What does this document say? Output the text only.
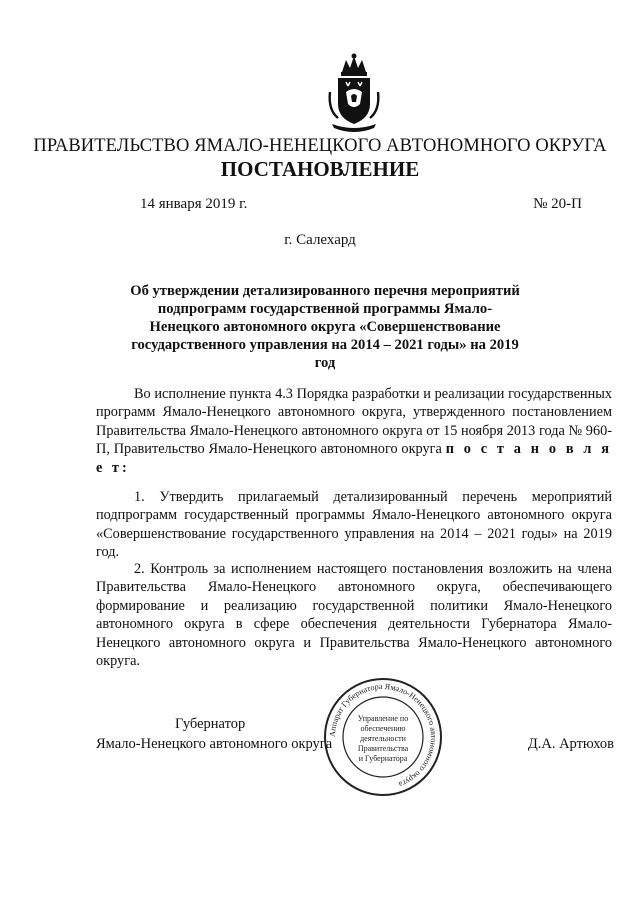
ПРАВИТЕЛЬСТВО ЯМАЛО-НЕНЕЦКОГО АВТОНОМНОГО ОКРУГА
ПОСТАНОВЛЕНИЕ
14 января 2019 г.	№ 20-П
г. Салехард
Об утверждении детализированного перечня мероприятий подпрограмм государственной программы Ямало-Ненецкого автономного округа «Совершенствование государственного управления на 2014 – 2021 годы» на 2019 год
Во исполнение пункта 4.3 Порядка разработки и реализации государственных программ Ямало-Ненецкого автономного округа, утвержденного постановлением Правительства Ямало-Ненецкого автономного округа от 15 ноября 2013 года № 960-П, Правительство Ямало-Ненецкого автономного округа п о с т а н о в л я е т:
1. Утвердить прилагаемый детализированный перечень мероприятий подпрограмм государственный программы Ямало-Ненецкого автономного округа «Совершенствование государственного управления на 2014 – 2021 годы» на 2019 год.
2. Контроль за исполнением настоящего постановления возложить на члена Правительства Ямало-Ненецкого автономного округа, обеспечивающего формирование и реализацию государственной политики Ямало-Ненецкого автономного округа в сфере обеспечения деятельности Губернатора Ямало-Ненецкого автономного округа и Правительства Ямало-Ненецкого автономного округа.
Губернатор
Ямало-Ненецкого автономного округа	Д.А. Артюхов
Аппарат Губернатора Ямало-Ненецкого автономного округа
Управление по
обеспечению
деятельности
Правительства
и Губернатора
